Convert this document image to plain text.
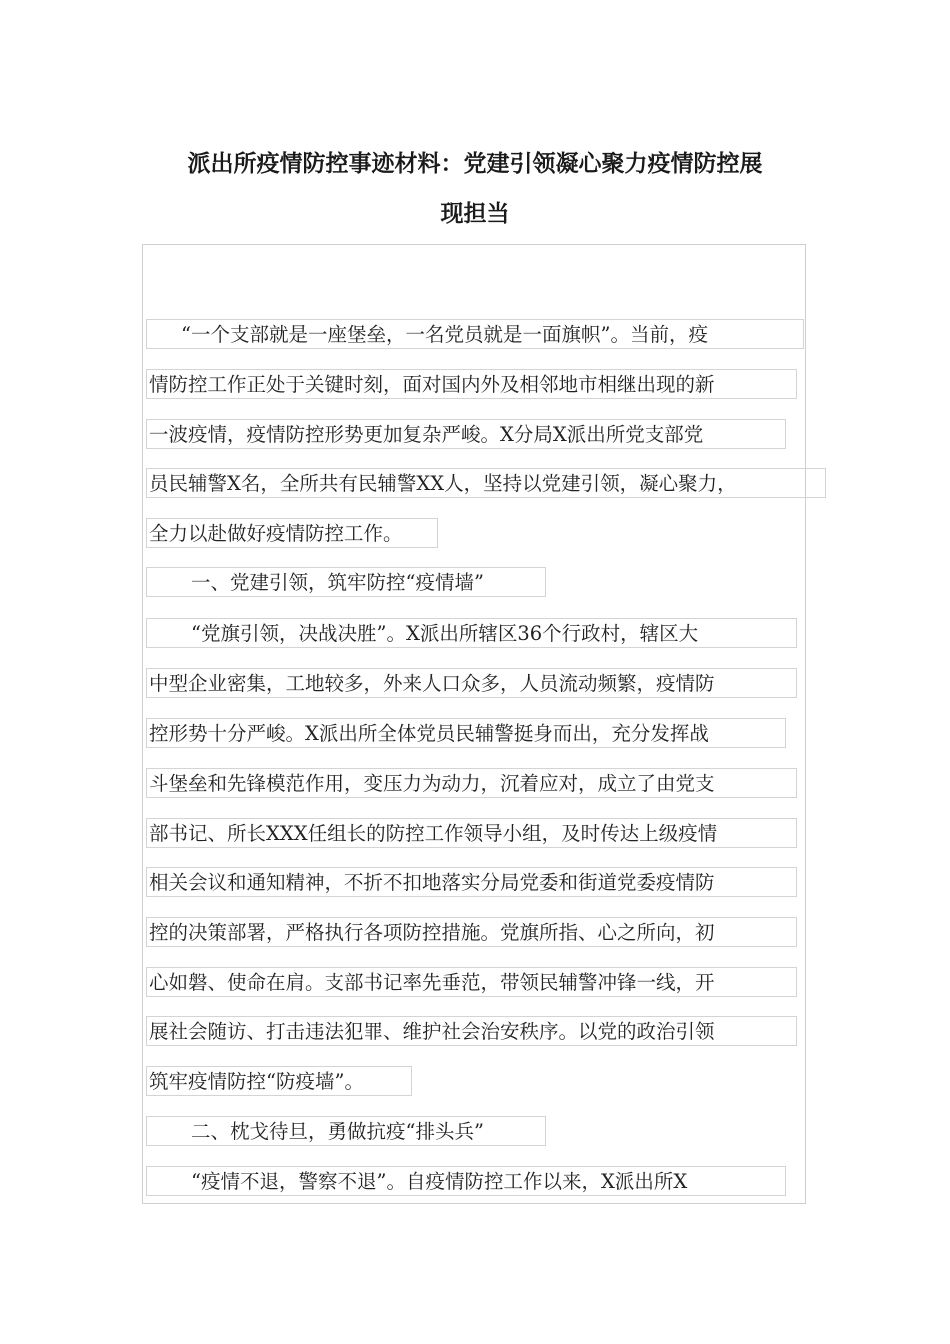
派出所疫情防控事迹材料：党建引领凝心聚力疫情防控展
现担当
“一个支部就是一座堡垒，一名党员就是一面旗帜”。当前，疫
情防控工作正处于关键时刻，面对国内外及相邻地市相继出现的新
一波疫情，疫情防控形势更加复杂严峻。X分局X派出所党支部党
员民辅警X名，全所共有民辅警XX人，坚持以党建引领，凝心聚力，
全力以赴做好疫情防控工作。
一、党建引领，筑牢防控“疫情墙”
“党旗引领，决战决胜”。X派出所辖区36个行政村，辖区大
中型企业密集，工地较多，外来人口众多，人员流动频繁，疫情防
控形势十分严峻。X派出所全体党员民辅警挺身而出，充分发挥战
斗堡垒和先锋模范作用，变压力为动力，沉着应对，成立了由党支
部书记、所长XXX任组长的防控工作领导小组，及时传达上级疫情
相关会议和通知精神，不折不扣地落实分局党委和街道党委疫情防
控的决策部署，严格执行各项防控措施。党旗所指、心之所向，初
心如磐、使命在肩。支部书记率先垂范，带领民辅警冲锋一线，开
展社会随访、打击违法犯罪、维护社会治安秩序。以党的政治引领
筑牢疫情防控“防疫墙”。
二、枕戈待旦，勇做抗疫“排头兵”
“疫情不退，警察不退”。自疫情防控工作以来，X派出所X
